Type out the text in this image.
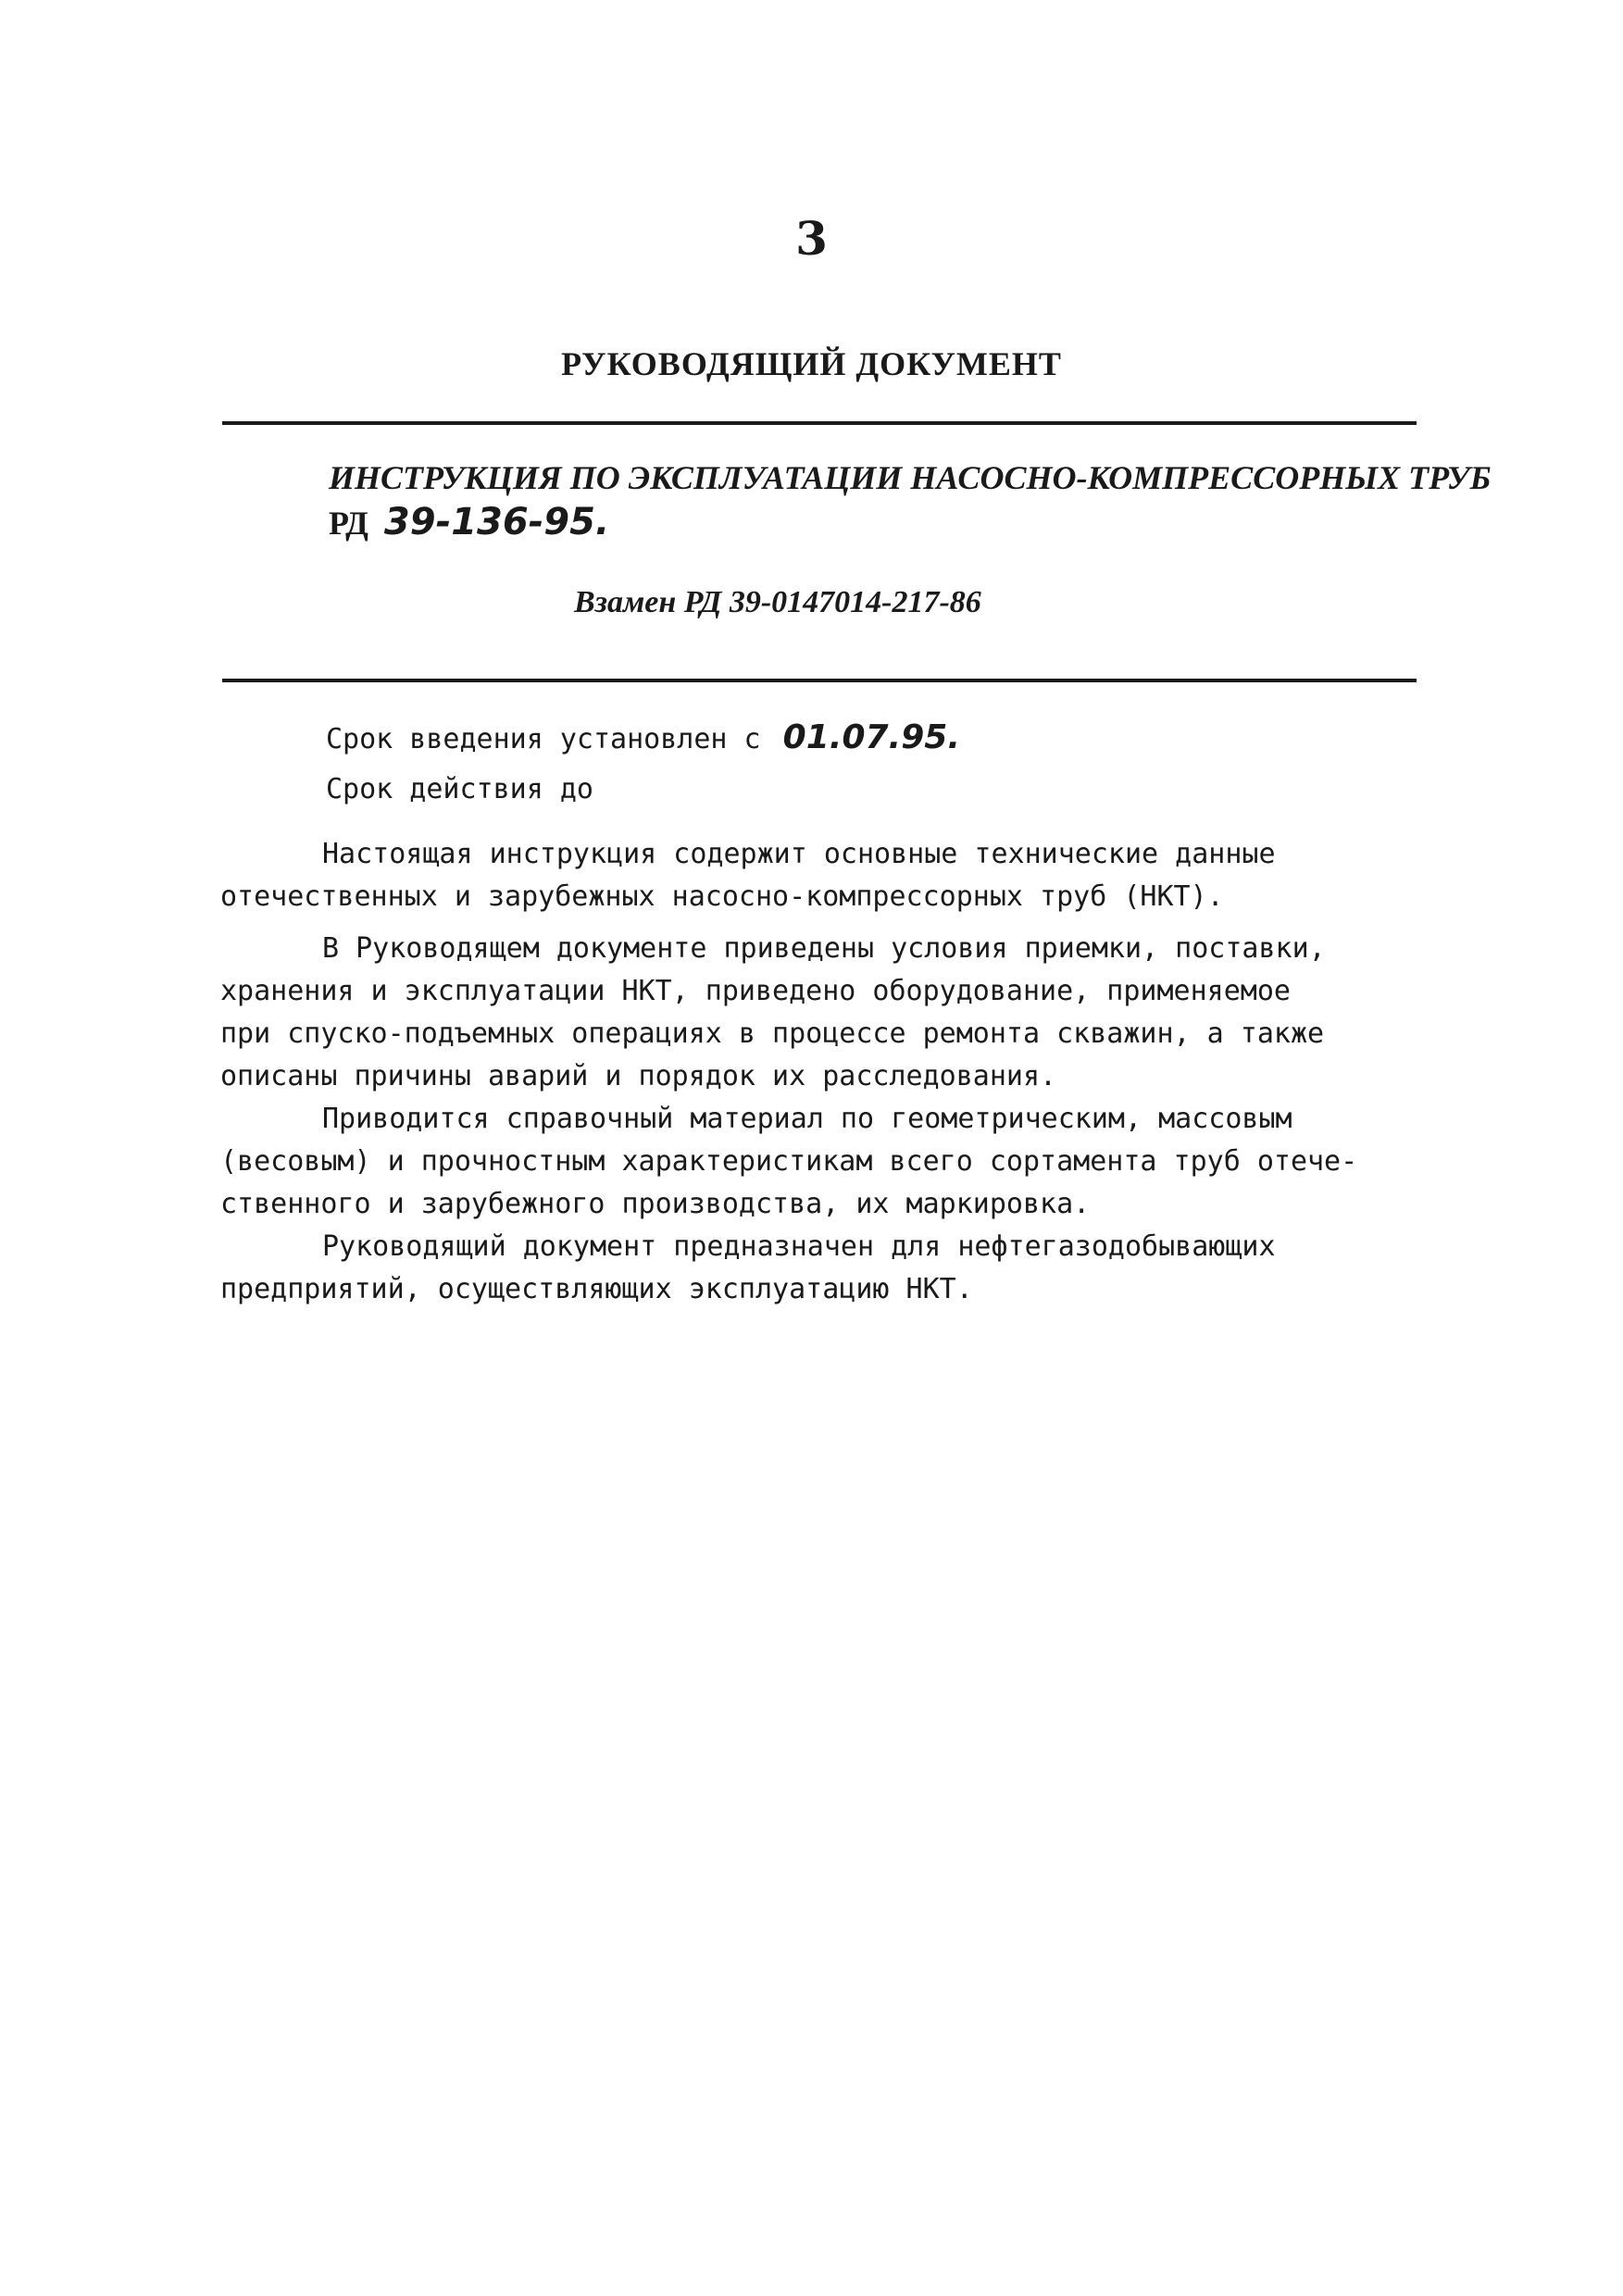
3
РУКОВОДЯЩИЙ ДОКУМЕНТ
ИНСТРУКЦИЯ ПО ЭКСПЛУАТАЦИИ НАСОСНО-КОМПРЕССОРНЫХ ТРУБ
РД 39-136-95.
Взамен РД 39-0147014-217-86
Срок введения установлен с 01.07.95.
Срок действия до
Настоящая инструкция содержит основные технические данные
отечественных и зарубежных насосно-компрессорных труб (НКТ).
В Руководящем документе приведены условия приемки, поставки,
хранения и эксплуатации НКТ, приведено оборудование, применяемое
при спуско-подъемных операциях в процессе ремонта скважин, а также
описаны причины аварий и порядок их расследования.
Приводится справочный материал по геометрическим, массовым
(весовым) и прочностным характеристикам всего сортамента труб отече-
ственного и зарубежного производства, их маркировка.
Руководящий документ предназначен для нефтегазодобывающих
предприятий, осуществляющих эксплуатацию НКТ.
